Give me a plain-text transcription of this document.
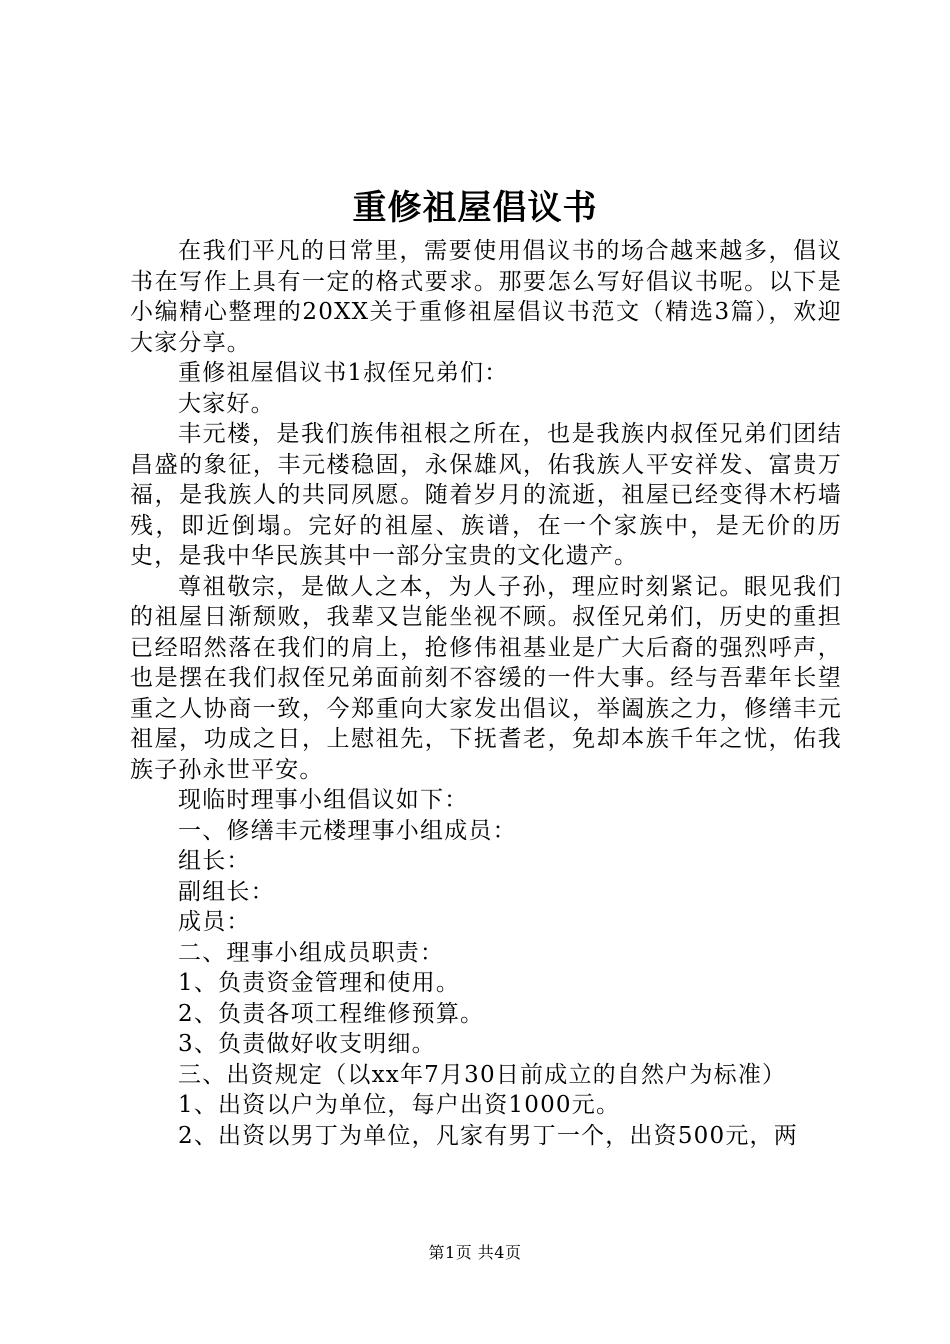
重修祖屋倡议书

在我们平凡的日常里，需要使用倡议书的场合越来越多，倡议书在写作上具有一定的格式要求。那要怎么写好倡议书呢。以下是小编精心整理的20XX关于重修祖屋倡议书范文（精选3篇），欢迎大家分享。

重修祖屋倡议书1叔侄兄弟们：

大家好。

丰元楼，是我们族伟祖根之所在，也是我族内叔侄兄弟们团结昌盛的象征，丰元楼稳固，永保雄风，佑我族人平安祥发、富贵万福，是我族人的共同夙愿。随着岁月的流逝，祖屋已经变得木朽墙残，即近倒塌。完好的祖屋、族谱，在一个家族中，是无价的历史，是我中华民族其中一部分宝贵的文化遗产。

尊祖敬宗，是做人之本，为人子孙，理应时刻紧记。眼见我们的祖屋日渐颓败，我辈又岂能坐视不顾。叔侄兄弟们，历史的重担已经昭然落在我们的肩上，抢修伟祖基业是广大后裔的强烈呼声，也是摆在我们叔侄兄弟面前刻不容缓的一件大事。经与吾辈年长望重之人协商一致，今郑重向大家发出倡议，举阖族之力，修缮丰元祖屋，功成之日，上慰祖先，下抚耆老，免却本族千年之忧，佑我族子孙永世平安。

现临时理事小组倡议如下：

一、修缮丰元楼理事小组成员：

组长：

副组长：

成员：

二、理事小组成员职责：

1、负责资金管理和使用。

2、负责各项工程维修预算。

3、负责做好收支明细。

三、出资规定（以xx年7月30日前成立的自然户为标准）

1、出资以户为单位，每户出资1000元。

2、出资以男丁为单位，凡家有男丁一个，出资500元，两

第1页 共4页
